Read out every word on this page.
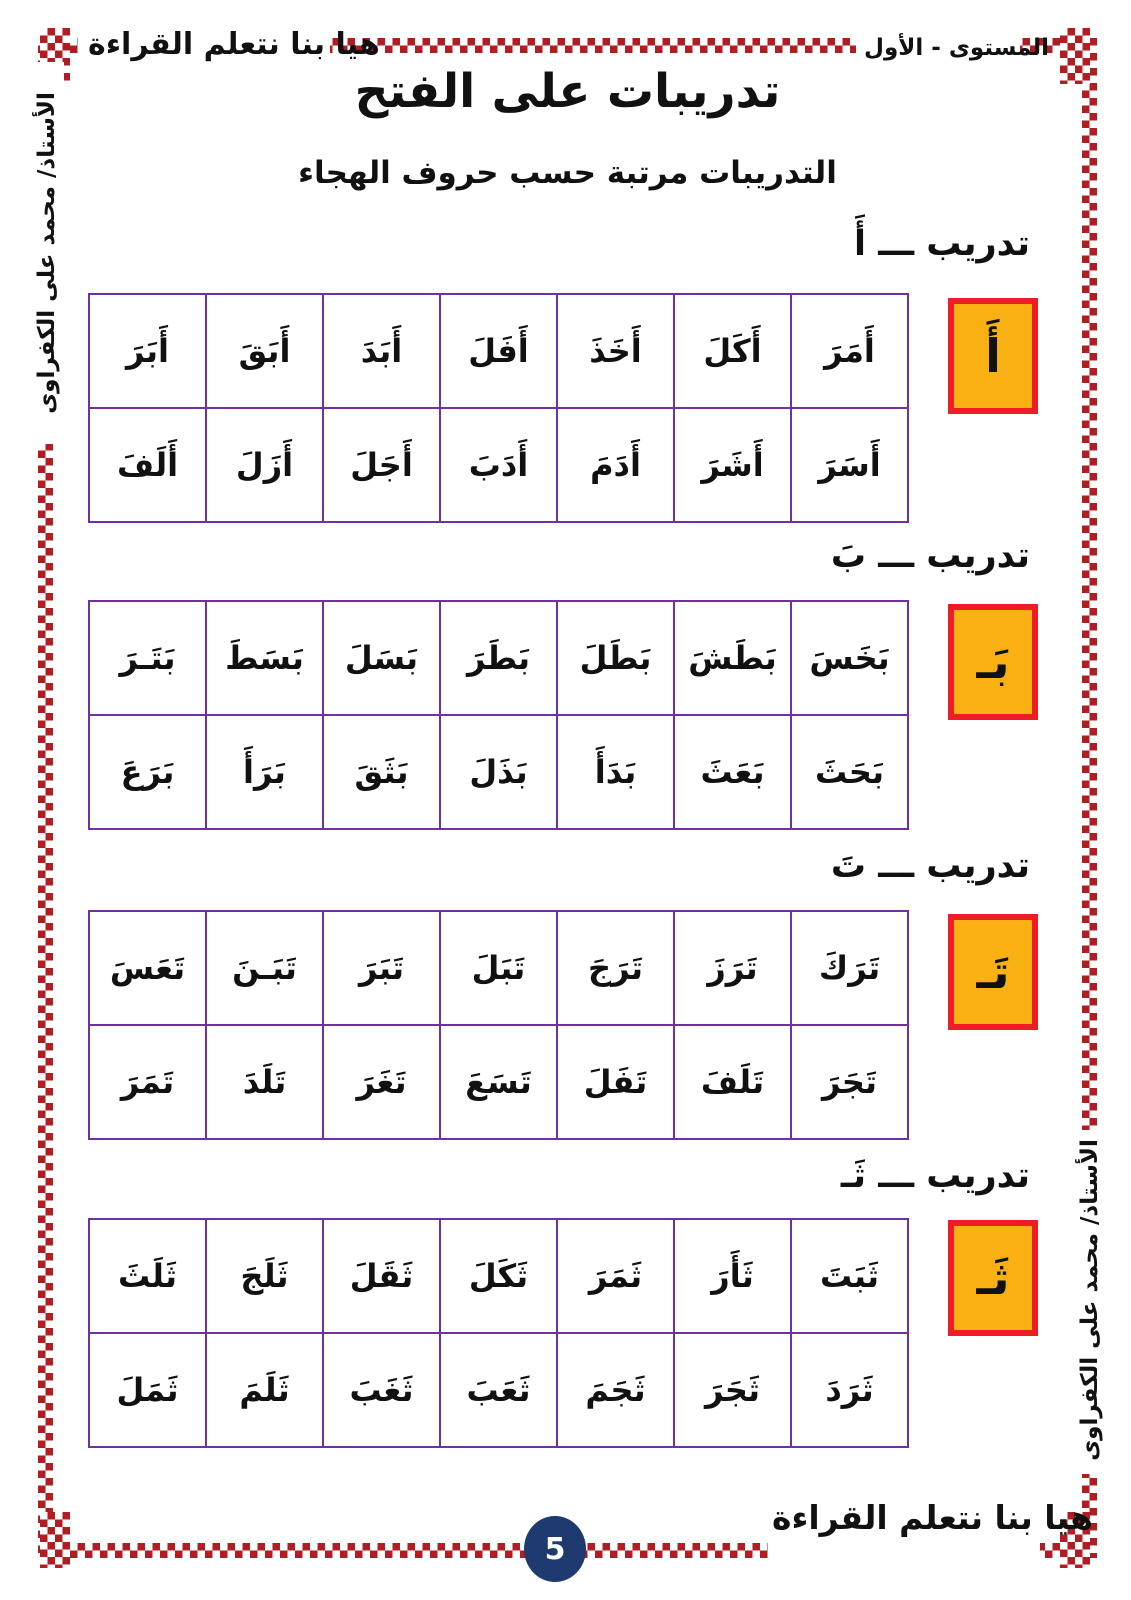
هيا بنا نتعلم القراءة	المستوى - الأول
الأستاذ/ محمد على الكفراوى
الأستاذ/ محمد على الكفراوى
تدريبات على الفتح
التدريبات مرتبة حسب حروف الهجاء
تدريب ـــ أَ
تدريب ـــ بَ
تدريب ـــ تَ
تدريب ـــ ثَـ
أَ
بَـ
تَـ
ثَـ
أَمَرَ	أَكَلَ	أَخَذَ	أَفَلَ	أَبَدَ	أَبَقَ	أَبَرَ
أَسَرَ	أَشَرَ	أَدَمَ	أَدَبَ	أَجَلَ	أَزَلَ	أَلَفَ
بَخَسَ	بَطَشَ	بَطَلَ	بَطَرَ	بَسَلَ	بَسَطَ	بَتَـرَ
بَحَثَ	بَعَثَ	بَدَأَ	بَذَلَ	بَثَقَ	بَرَأَ	بَرَعَ
تَرَكَ	تَرَزَ	تَرَجَ	تَبَلَ	تَبَرَ	تَبَـنَ	تَعَسَ
تَجَرَ	تَلَفَ	تَفَلَ	تَسَعَ	تَغَرَ	تَلَدَ	تَمَرَ
ثَبَتَ	ثَأَرَ	ثَمَرَ	ثَكَلَ	ثَقَلَ	ثَلَجَ	ثَلَثَ
ثَرَدَ	ثَجَرَ	ثَجَمَ	ثَعَبَ	ثَغَبَ	ثَلَمَ	ثَمَلَ
5
هيا بنا نتعلم القراءة
